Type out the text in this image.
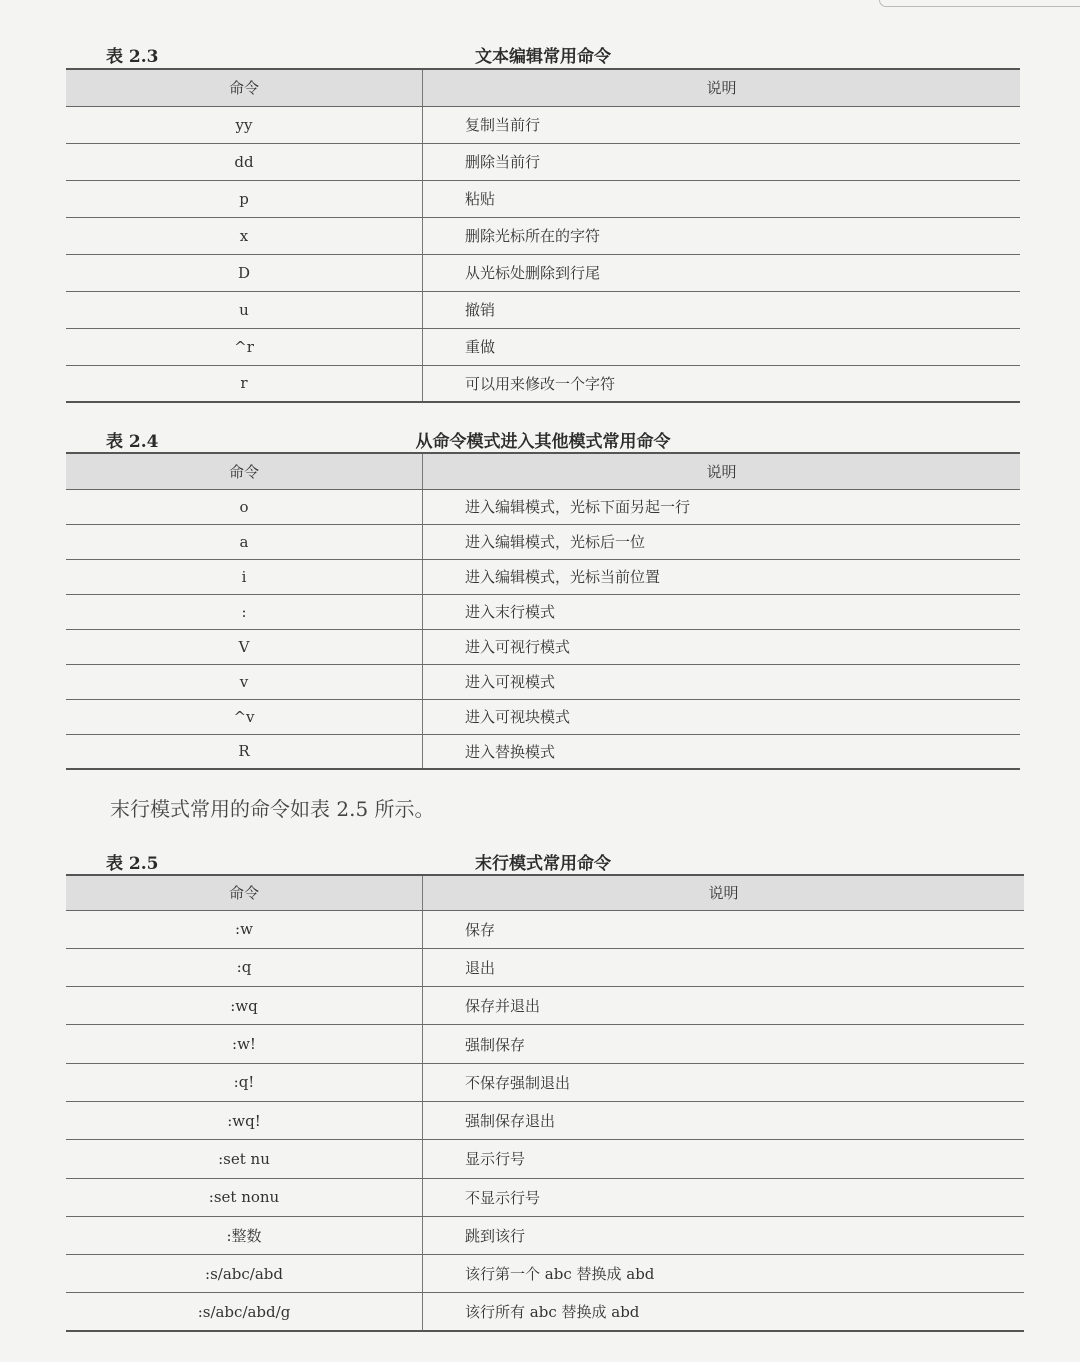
表 2.3	文本编辑常用命令
命令	说明
yy	复制当前行
dd	删除当前行
p	粘贴
x	删除光标所在的字符
D	从光标处删除到行尾
u	撤销
^r	重做
r	可以用来修改一个字符
表 2.4	从命令模式进入其他模式常用命令
命令	说明
o	进入编辑模式，光标下面另起一行
a	进入编辑模式，光标后一位
i	进入编辑模式，光标当前位置
:	进入末行模式
V	进入可视行模式
v	进入可视模式
^v	进入可视块模式
R	进入替换模式
末行模式常用的命令如表 2.5 所示。
表 2.5	末行模式常用命令
命令	说明
:w	保存
:q	退出
:wq	保存并退出
:w!	强制保存
:q!	不保存强制退出
:wq!	强制保存退出
:set nu	显示行号
:set nonu	不显示行号
:整数	跳到该行
:s/abc/abd	该行第一个 abc 替换成 abd
:s/abc/abd/g	该行所有 abc 替换成 abd
